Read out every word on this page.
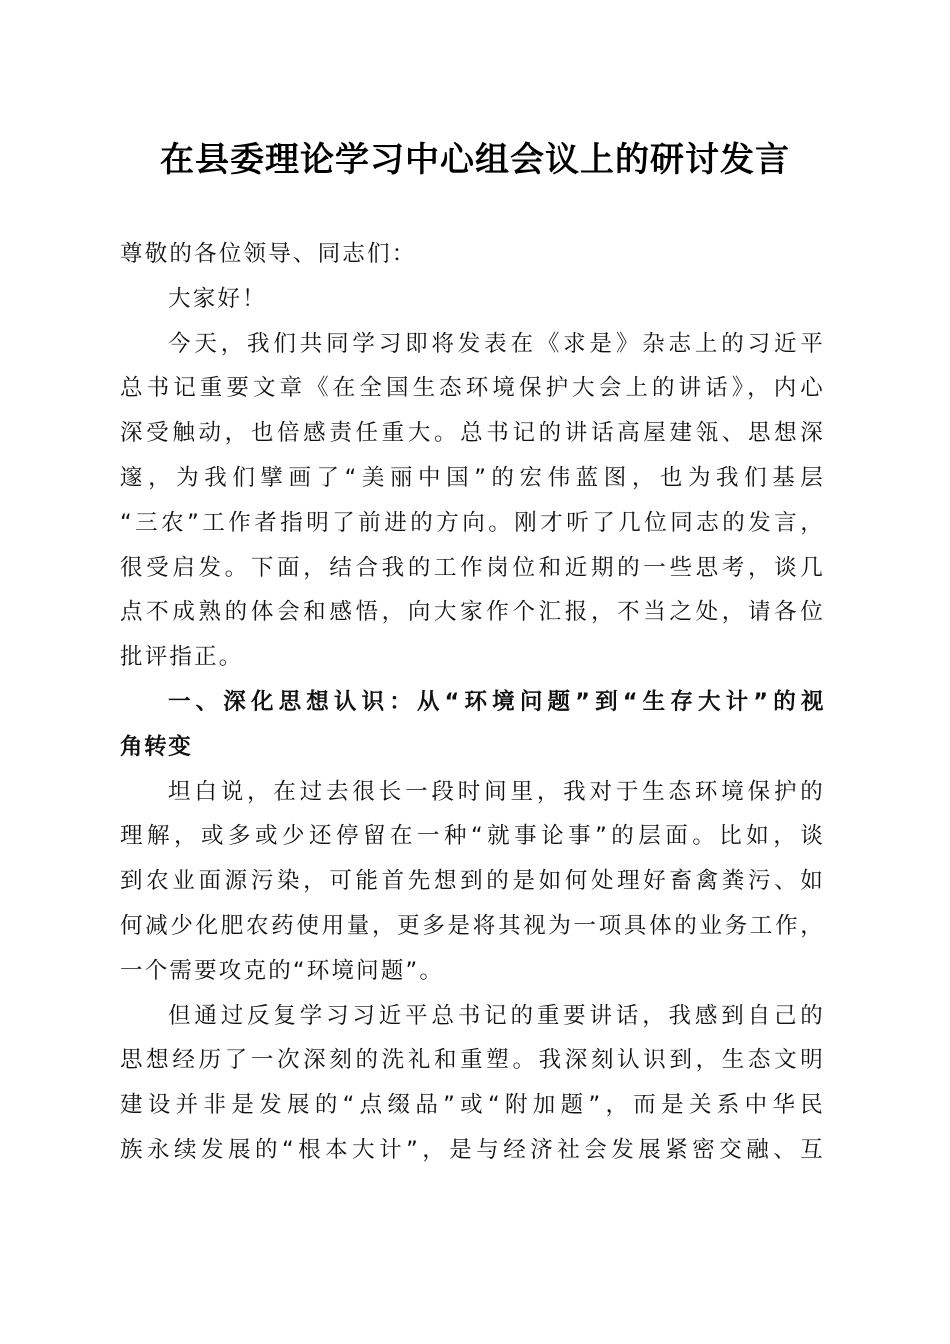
在县委理论学习中心组会议上的研讨发言
尊敬的各位领导、同志们：
大家好！
今天，我们共同学习即将发表在《求是》杂志上的习近平
总书记重要文章《在全国生态环境保护大会上的讲话》，内心
深受触动，也倍感责任重大。总书记的讲话高屋建瓴、思想深
邃，为我们擘画了“美丽中国”的宏伟蓝图，也为我们基层
“三农”工作者指明了前进的方向。刚才听了几位同志的发言，
很受启发。下面，结合我的工作岗位和近期的一些思考，谈几
点不成熟的体会和感悟，向大家作个汇报，不当之处，请各位
批评指正。
一、深化思想认识：从“环境问题”到“生存大计”的视
角转变
坦白说，在过去很长一段时间里，我对于生态环境保护的
理解，或多或少还停留在一种“就事论事”的层面。比如，谈
到农业面源污染，可能首先想到的是如何处理好畜禽粪污、如
何减少化肥农药使用量，更多是将其视为一项具体的业务工作，
一个需要攻克的“环境问题”。
但通过反复学习习近平总书记的重要讲话，我感到自己的
思想经历了一次深刻的洗礼和重塑。我深刻认识到，生态文明
建设并非是发展的“点缀品”或“附加题”，而是关系中华民
族永续发展的“根本大计”，是与经济社会发展紧密交融、互
